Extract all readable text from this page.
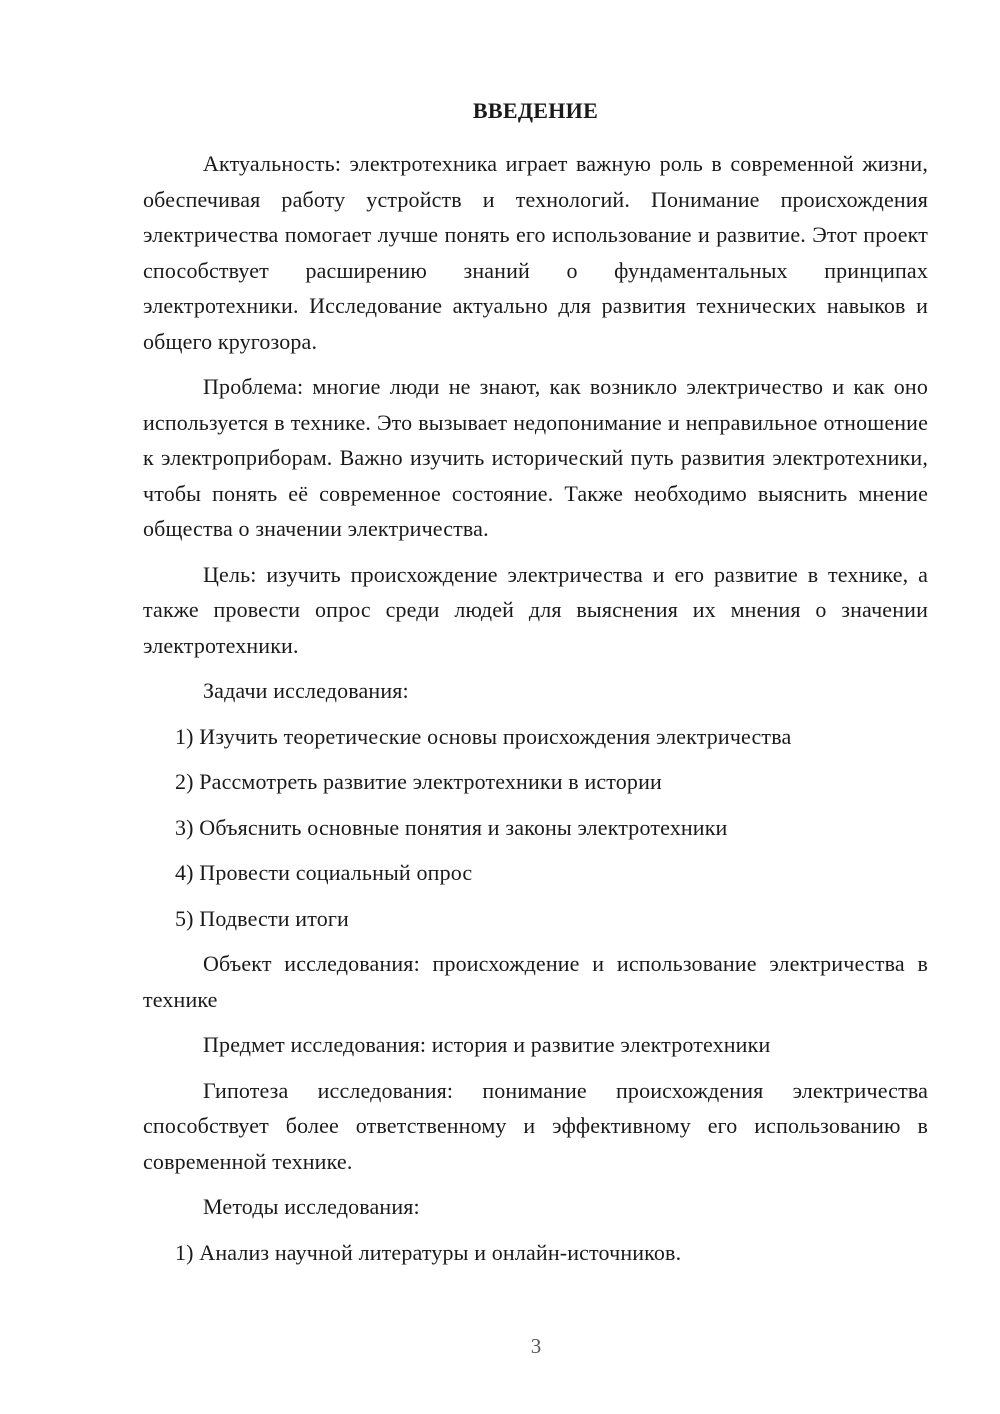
ВВЕДЕНИЕ

Актуальность: электротехника играет важную роль в современной жизни, обеспечивая работу устройств и технологий. Понимание происхождения электричества помогает лучше понять его использование и развитие. Этот проект способствует расширению знаний о фундаментальных принципах электротехники. Исследование актуально для развития технических навыков и общего кругозора.

Проблема: многие люди не знают, как возникло электричество и как оно используется в технике. Это вызывает недопонимание и неправильное отношение к электроприборам. Важно изучить исторический путь развития электротехники, чтобы понять её современное состояние. Также необходимо выяснить мнение общества о значении электричества.

Цель: изучить происхождение электричества и его развитие в технике, а также провести опрос среди людей для выяснения их мнения о значении электротехники.

Задачи исследования:

1) Изучить теоретические основы происхождения электричества
2) Рассмотреть развитие электротехники в истории
3) Объяснить основные понятия и законы электротехники
4) Провести социальный опрос
5) Подвести итоги

Объект исследования: происхождение и использование электричества в технике

Предмет исследования: история и развитие электротехники

Гипотеза исследования: понимание происхождения электричества способствует более ответственному и эффективному его использованию в современной технике.

Методы исследования:

1) Анализ научной литературы и онлайн-источников.
3
